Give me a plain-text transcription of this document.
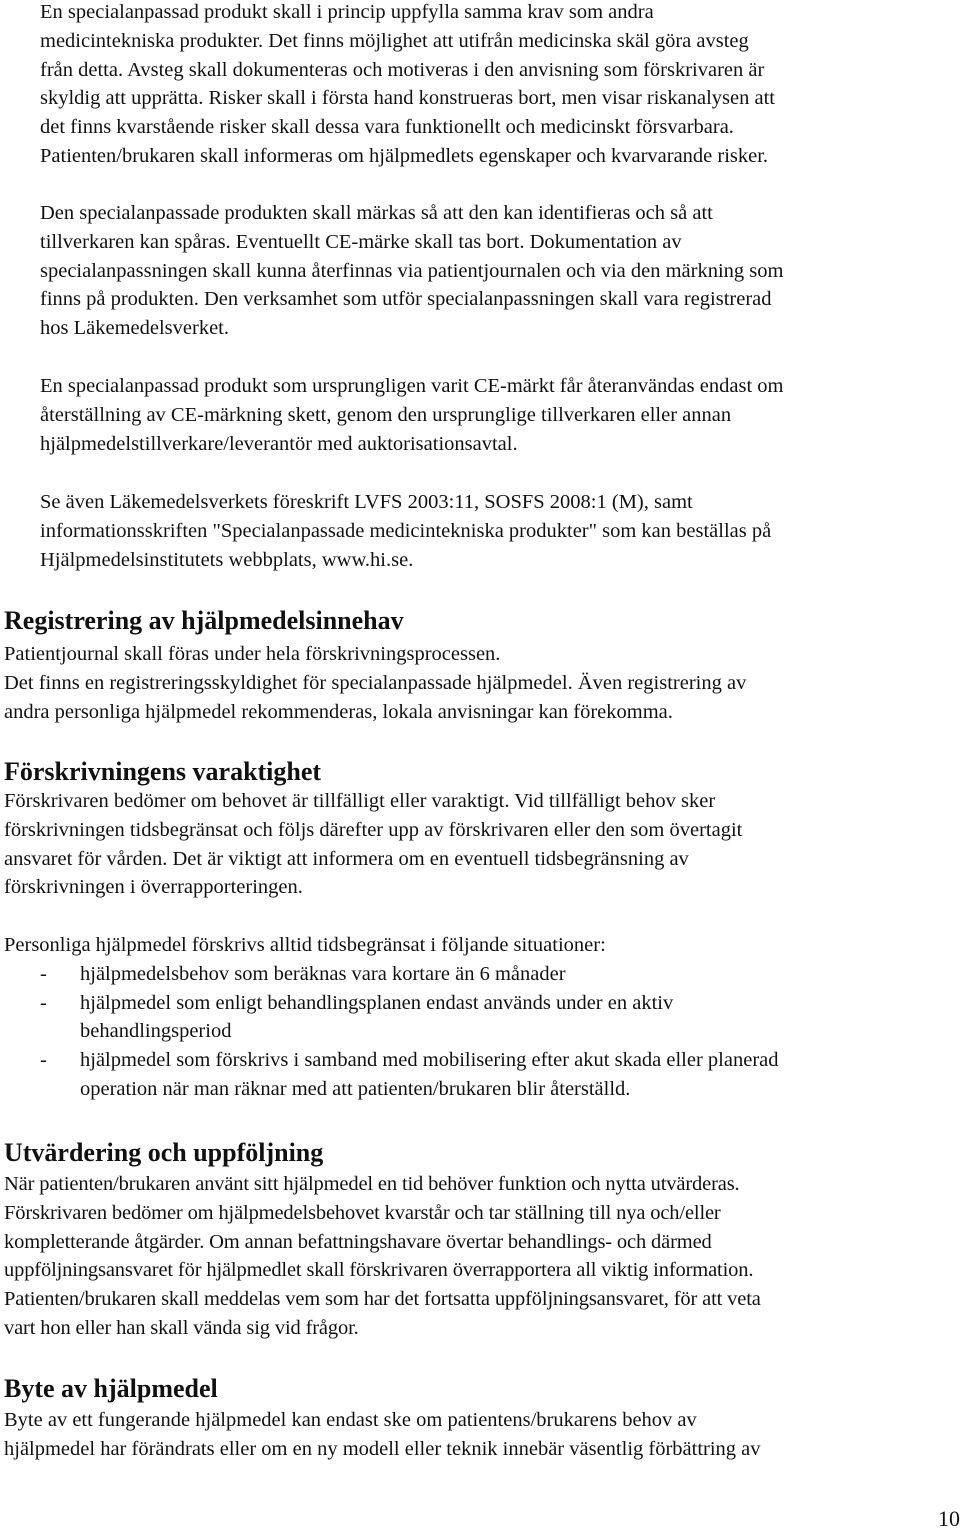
En specialanpassad produkt skall i princip uppfylla samma krav som andra
medicintekniska produkter. Det finns möjlighet att utifrån medicinska skäl göra avsteg
från detta. Avsteg skall dokumenteras och motiveras i den anvisning som förskrivaren är
skyldig att upprätta. Risker skall i första hand konstrueras bort, men visar riskanalysen att
det finns kvarstående risker skall dessa vara funktionellt och medicinskt försvarbara.
Patienten/brukaren skall informeras om hjälpmedlets egenskaper och kvarvarande risker.

Den specialanpassade produkten skall märkas så att den kan identifieras och så att
tillverkaren kan spåras. Eventuellt CE-märke skall tas bort. Dokumentation av
specialanpassningen skall kunna återfinnas via patientjournalen och via den märkning som
finns på produkten. Den verksamhet som utför specialanpassningen skall vara registrerad
hos Läkemedelsverket.

En specialanpassad produkt som ursprungligen varit CE-märkt får återanvändas endast om
återställning av CE-märkning skett, genom den ursprunglige tillverkaren eller annan
hjälpmedelstillverkare/leverantör med auktorisationsavtal.

Se även Läkemedelsverkets föreskrift LVFS 2003:11, SOSFS 2008:1 (M), samt
informationsskriften "Specialanpassade medicintekniska produkter" som kan beställas på
Hjälpmedelsinstitutets webbplats, www.hi.se.

Registrering av hjälpmedelsinnehav

Patientjournal skall föras under hela förskrivningsprocessen.
Det finns en registreringsskyldighet för specialanpassade hjälpmedel. Även registrering av
andra personliga hjälpmedel rekommenderas, lokala anvisningar kan förekomma.

Förskrivningens varaktighet

Förskrivaren bedömer om behovet är tillfälligt eller varaktigt. Vid tillfälligt behov sker
förskrivningen tidsbegränsat och följs därefter upp av förskrivaren eller den som övertagit
ansvaret för vården. Det är viktigt att informera om en eventuell tidsbegränsning av
förskrivningen i överrapporteringen.

Personliga hjälpmedel förskrivs alltid tidsbegränsat i följande situationer:
-	hjälpmedelsbehov som beräknas vara kortare än 6 månader
-	hjälpmedel som enligt behandlingsplanen endast används under en aktiv
behandlingsperiod
-	hjälpmedel som förskrivs i samband med mobilisering efter akut skada eller planerad
operation när man räknar med att patienten/brukaren blir återställd.

Utvärdering och uppföljning

När patienten/brukaren använt sitt hjälpmedel en tid behöver funktion och nytta utvärderas.
Förskrivaren bedömer om hjälpmedelsbehovet kvarstår och tar ställning till nya och/eller
kompletterande åtgärder. Om annan befattningshavare övertar behandlings- och därmed
uppföljningsansvaret för hjälpmedlet skall förskrivaren överrapportera all viktig information.
Patienten/brukaren skall meddelas vem som har det fortsatta uppföljningsansvaret, för att veta
vart hon eller han skall vända sig vid frågor.

Byte av hjälpmedel

Byte av ett fungerande hjälpmedel kan endast ske om patientens/brukarens behov av
hjälpmedel har förändrats eller om en ny modell eller teknik innebär väsentlig förbättring av

10
